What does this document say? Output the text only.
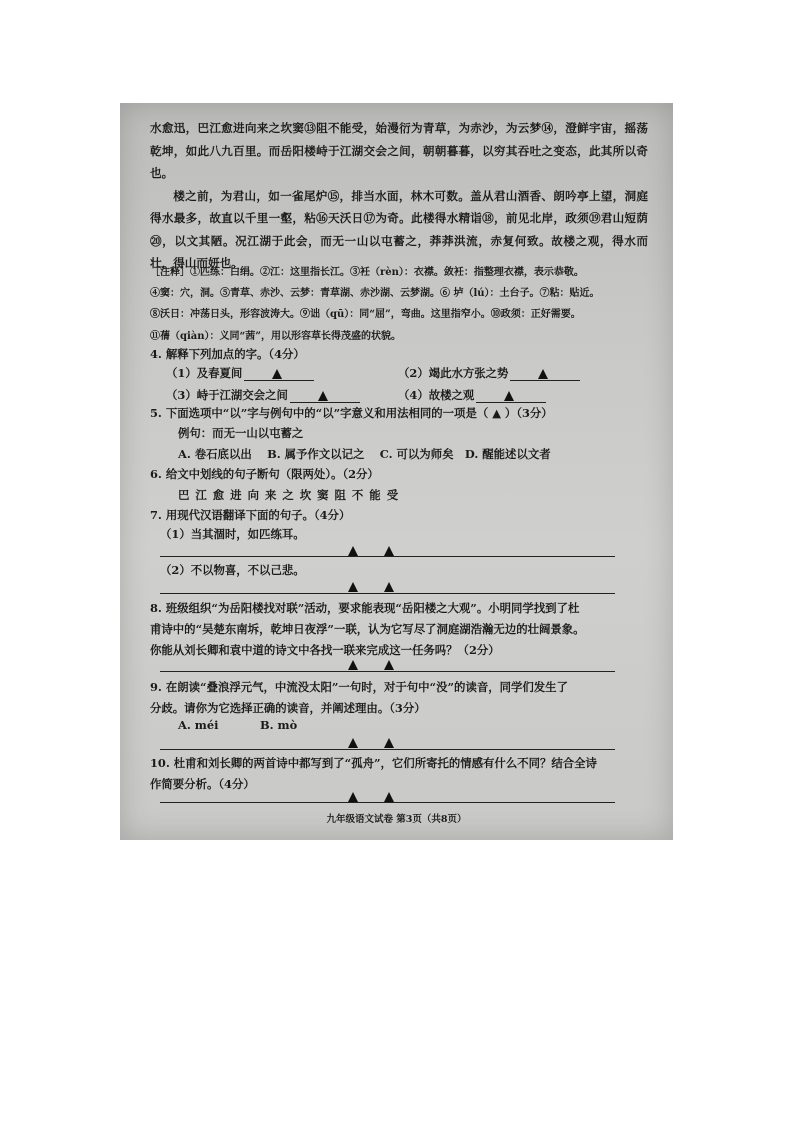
水愈迅，巴江愈进向来之坎窦⑬阻不能受，始漫衍为青草，为赤沙，为云梦⑭，澄鲜宇宙，摇荡乾坤，如此八九百里。而岳阳楼峙于江湖交会之间，朝朝暮暮，以穷其吞吐之变态，此其所以奇也。

楼之前，为君山，如一雀尾炉⑮，排当水面，林木可数。盖从君山酒香、朗吟亭上望，洞庭得水最多，故直以千里一壑，粘⑯天沃日⑰为奇。此楼得水精诣⑱，前见北岸，政须⑲君山短荫⑳，以文其陋。况江湖于此会，而无一山以屯蓄之，莽莽洪流，赤复何致。故楼之观，得水而壮，得山而妍也。

［注释］①匹练：白绢。②江：这里指长江。③衽（rèn）：衣襟。敛衽：指整理衣襟，表示恭敬。
④窦：穴，洞。⑤青草、赤沙、云梦：青草湖、赤沙湖、云梦湖。⑥ 垆（lú）：土台子。⑦粘：贴近。
⑧沃日：冲荡日头，形容波涛大。⑨诎（qū）：同“屈”，弯曲。这里指窄小。⑩政须：正好需要。
⑪蒨（qiàn）：义同“茜”，用以形容草长得茂盛的状貌。
4. 解释下列加点的字。（4分）
（1）及春夏间	（2）竭此水方张之势
（3）峙于江湖交会之间	（4）故楼之观
5. 下面选项中“以”字与例句中的“以”字意义和用法相同的一项是（ ▲ ）（3分）
例句：而无一山以屯蓄之
A. 卷石底以出　 B. 属予作文以记之　 C. 可以为师矣　D. 醒能述以文者
6. 给文中划线的句子断句（限两处）。（2分）
巴江愈进向来之坎窦阻不能受
7. 用现代汉语翻译下面的句子。（4分）
（1）当其涸时，如匹练耳。
（2）不以物喜，不以己悲。
8. 班级组织“为岳阳楼找对联”活动，要求能表现“岳阳楼之大观”。小明同学找到了杜
甫诗中的“吴楚东南坼，乾坤日夜浮”一联，认为它写尽了洞庭湖浩瀚无边的壮阔景象。
你能从刘长卿和袁中道的诗文中各找一联来完成这一任务吗？（2分）
9. 在朗读“叠浪浮元气，中流没太阳”一句时，对于句中“没”的读音，同学们发生了
分歧。请你为它选择正确的读音，并阐述理由。（3分）
A. méi	B. mò
10. 杜甫和刘长卿的两首诗中都写到了“孤舟”，它们所寄托的情感有什么不同？结合全诗
作简要分析。（4分）
九年级语文试卷 第3页（共8页）
